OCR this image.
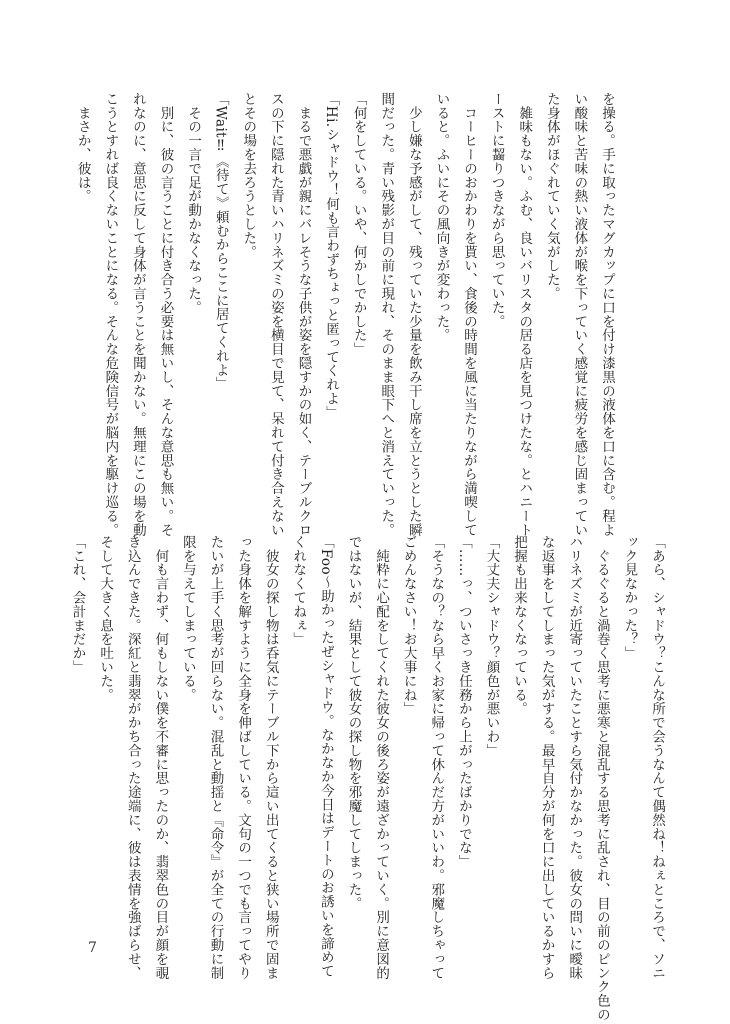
を操る。手に取ったマグカップに口を付け漆黒の液体を口に含む。程よ
い酸味と苦味の熱い液体が喉を下っていく感覚に疲労を感じ固まってい
た身体がほぐれていく気がした。
　雑味もない。ふむ、良いバリスタの居る店を見つけたな。とハニート
ーストに齧りつきながら思っていた。
　コーヒーのおかわりを貰い、食後の時間を風に当たりながら満喫して
いると。ふいにその風向きが変わった。
　少し嫌な予感がして、残っていた少量を飲み干し席を立とうとした瞬
間だった。青い残影が目の前に現れ、そのまま眼下へと消えていった。
「何をしている。いや、何かしでかした」
「Hi.シャドウ！何も言わずちょっと匿ってくれよ」
　まるで悪戯が親にバレそうな子供が姿を隠すかの如く、テーブルクロ
スの下に隠れた青いハリネズミの姿を横目で見て、呆れて付き合えない
とその場を去ろうとした。
「Wait‼︎《待て》頼むからここに居てくれよ」
　その一言で足が動かなくなった。
　別に、彼の言うことに付き合う必要は無いし、そんな意思も無い。そ
れなのに、意思に反して身体が言うことを聞かない。無理にこの場を動
こうとすれば良くないことになる。そんな危険信号が脳内を駆け巡る。
　まさか、彼は。
「あら、シャドウ？こんな所で会うなんて偶然ね！ねぇところで、ソニ
ック見なかった？」
　ぐるぐると渦巻く思考に悪寒と混乱する思考に乱され、目の前のピンク色の
ハリネズミが近寄っていたことすら気付かなかった。彼女の問いに曖昧
な返事をしてしまった気がする。最早自分が何を口に出しているかすら
把握も出来なくなっている。
「大丈夫シャドウ？顔色が悪いわ」
「……っ、ついさっき任務から上がったばかりでな」
「そうなの？なら早くお家に帰って休んだ方がいいわ。邪魔しちゃって
ごめんなさい！お大事にね」
　純粋に心配をしてくれた彼女の後ろ姿が遠ざかっていく。別に意図的
ではないが、結果として彼女の探し物を邪魔してしまった。
「Foo〜助かったぜシャドウ。なかなか今日はデートのお誘いを諦めて
くれなくてねぇ」
　彼女の探し物は呑気にテーブル下から這い出てくると狭い場所で固ま
った身体を解すように全身を伸ばしている。文句の一つでも言ってやり
たいが上手く思考が回らない。混乱と動揺と『命令』が全ての行動に制
限を与えてしまっている。
　何も言わず、何もしない僕を不審に思ったのか、翡翠色の目が顔を覗
き込んできた。深紅と翡翠がかち合った途端に、彼は表情を強ばらせ、
そして大きく息を吐いた。
「これ、会計まだか」
7
